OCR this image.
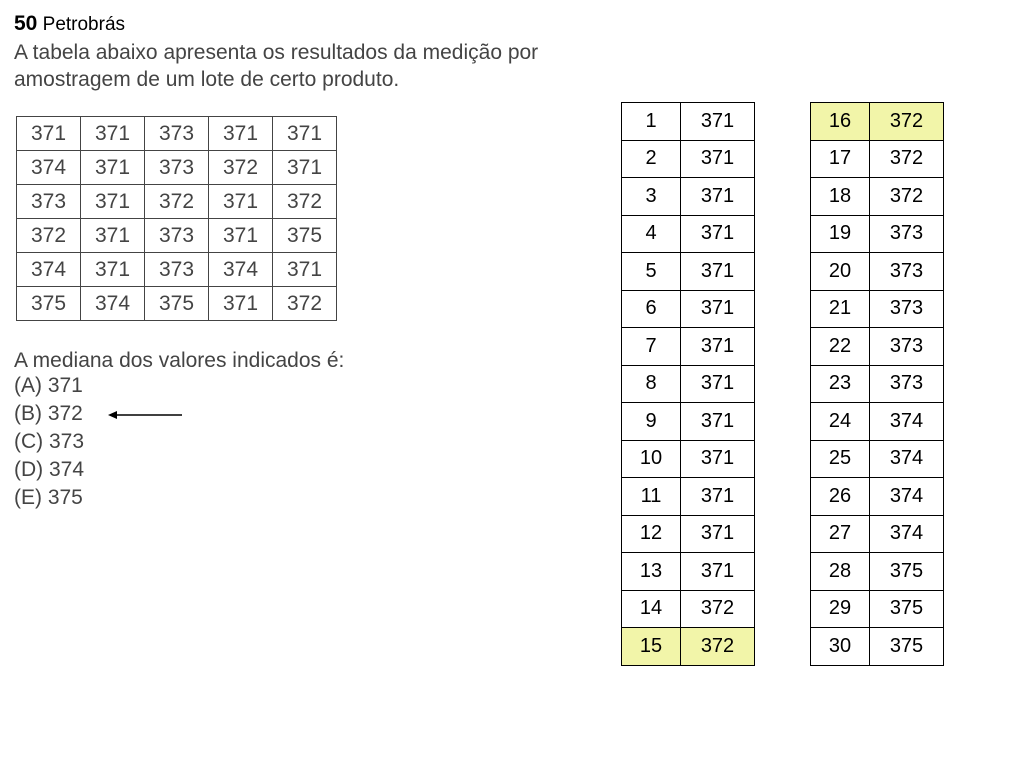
50 Petrobrás
A tabela abaixo apresenta os resultados da medição por amostragem de um lote de certo produto.
371	371	373	371	371
374	371	373	372	371
373	371	372	371	372
372	371	373	371	375
374	371	373	374	371
375	374	375	371	372
A mediana dos valores indicados é:
(A) 371
(B) 372
(C) 373
(D) 374
(E) 375
1	371
2	371
3	371
4	371
5	371
6	371
7	371
8	371
9	371
10	371
11	371
12	371
13	371
14	372
15	372
16	372
17	372
18	372
19	373
20	373
21	373
22	373
23	373
24	374
25	374
26	374
27	374
28	375
29	375
30	375
